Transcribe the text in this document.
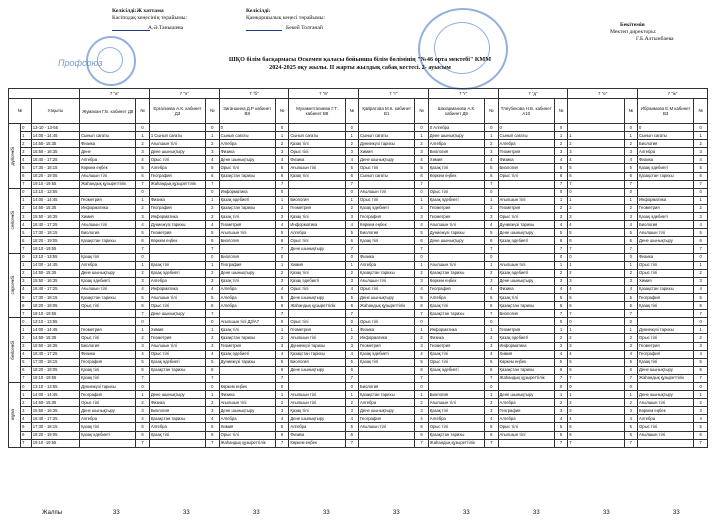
Келісілді:Ж хаттама
Кәсіподақ кеңесінің төрайымы:
А.Ә.Танышева
Профсоюз
Келісілді:
Қамқоршылық кеңесі төрайымы:
Бекей Толғанай	Бекітемін
Мектеп директоры:
Г.Б.Алтынбаева
ШҚО білім басқармасы Өскемен қаласы бойынша білім бөлімінің "№46 орта мектебі" КММ
2024-2025 оқу жылы. ІІ жарты жылдық сабақ кестесі. 2- ауысым
			7 "а"		7 "ә"		7 "б"		7 "в"		7 "г"		7 "ғ"		7 "д"		7 "е"		7 "ж"	
№		Уақыты	Жұмахан Г.Б. кабинет Д8	№	Ерғалиева А.К. кабинет Д3	№	Зиганшина Д.Р кабинет В8	№	Мухаметгалиева Г.Т. кабинет В8	№	Қайратова М.К. кабинет В1	№	Шахарманова А.К. кабинет Д9	№	Тлеубекова Н.Б. кабинет А10	№		№	Ибраимова Е.М кабинет В3	№

дүйсенбі	0	13-10 - 13-55		0		0	0	0		0		0	0 Алгебра	0	0	0		0	0	0
	1	14:00 - 14:45	Сынып сағаты	1	1 Сынып сағаты	1	Сынып сағаты	1	Сынып сағаты	1	Сынып сағаты	1	Дене шынықтыру	1	Сынып сағаты	1	1	1	Сынып сағаты	1
	2	14:50- 15:35	Физика	2	Ағылшын тілі	2	Алгебра	2	Қазақ тілі	2	Дүниежүзі тарихы	2	Алгебра	2	Алгебра	2	2	2	Биология	2
	3	15:50 - 16:35	Дене	3	Дене шынықтыру	3	Физика	3	Орыс тілі	3	Химия	3	Биология	3	Геометрия	3	3	3	Алгебра	3
	4	16:40 - 17:25	Алгебра	4	Орыс тілі	4	Дене шынықтыру	4	Физика	4	Дене шынықтыру	4	Химия	4	Физика	4	4	4	Физика	4
	5	17:30 - 18:15	Көркем еңбек	5	Алгебра	5	Орыс тілі	5	Ағылшын тілі	5	Орыс тілі	5	Қазақ тілі	5	Биология	5	5	5	Қазақ әдебиеті	5
	6	18:20 - 19:05	Ағылшын тілі	6	География	6	Қазақстан тарихы	6	Қазақ тілі	6	Сынып сағаты	6	Көркем еңбек	6	Орыс тілі	6	6	6	Қазақстан тарихы	6
	7	19:10 -19:55	Жаһандық құзыреттілік	7	Жаһандық құзыреттілік	7		7		7		7		7		7	7	7		7

сейсенбі	0	13:10 - 13:55		0		0	Информатика	0		0	Ағылшын тілі	0	Орыс тілі	0		0	0	0		0
	1	14:00 - 14:45	Геометрия	1	Физика	1	Қазақ әдебиеті	1	Биология	1	Орыс тілі	1	Қазақ әдебиеті	1	Ағылшын тілі	1	1	1	Информатика	1
	2	14:50- 15:35	Информатика	2	География	2	Қазақстан тарихы	2	Геометрия	2	Қазақ әдебиеті	2	Геометрия	2	Геометрия	2	2	2	Геометрия	2
	3	15:50 - 16:35	Химия	3	Информатика	3	Қазақ тілі	3	Қазақ тілі	3	География	3	Геометрия	3	Орыс тілі	3	3	3	Қазақ әдебиеті	3
	4	16:40 - 17:25	Ағылшын тілі	4	Дүниежүзі тарихы	4	Геометрия	4	Информатика	4	Көркем еңбек	4	Ағылшын тілі	4	Дүниежүзі тарихы	4	4	4	Биология	4
	5	17:30 - 18:15	Биология	5	Геометрия	5	Ағылшын тілі	5	Алгебра	5	Биология	5	Дүниежүзі тарихы	5	Дене шынықтыру	5	5	5	Ағылшын тілі	5
	6	18:20 - 19:05	Қазақстан тарихы	6	Көркем еңбек	6	Биология	6	Орыс тілі	6	Қазақ тілі	6	Дене шынықтыру	6	Қазақ әдебиеті	6	6	6	Дене шынықтыру	6
	7	19:10 -19:55		7		7		7	Дене шынықтыру	7		7		7		7	7	7		7

сәрсенбі	0	13:10 - 13:55	Қазақ тілі	0		0	Биология	0		0	Физика	0		0		0	0	0	Физика	0
	1	14:00 - 14:45	Алгебра	1	Қазақ тілі	1	География	1	Химия	1	Алгебра	1	Ағылшын тілі	1	Ағылшын тілі	1	1	1	Орыс тілі	1
	2	14:50- 15:35	Дене шынықтыру	2	Қазақ әдебиеті	2	Дене шынықтыру	2	Қазақ тілі	2	Қазақстан тарихы	2	Қазақстан тарихы	2	Қазақ әдебиеті	2	2	2	Орыс тілі	2
	3	15:50 - 16:35	Қазақ әдебиеті	3	Алгебра	3	Қазақ тілі	3	Қазақ әдебиеті	3	Ағылшын тілі	3	Көркем еңбек	3	Дене шынықтыру	3	3	3	Химия	3
	4	16:40 - 17:25	Ағылшын тілі	4	Информатика	4	Алгебра	4	Орыс тілі	4	Орыс тілі	4	География	4	Физика	4	4	4	Қазақстан тарихы	4
	5	17:30 - 18:15	Қазақстан тарихы	5	Ағылшын тілі	5	Алгебра	5	Дене шынықтыру	5	Дене шынықтыру	5	Алгебра	5	Қазақ тілі	5	5	5	География	5
	6	18:20 - 19:05	Орыс тілі	6	Орыс тілі	6	Алгебра	6	Жаһандық құзыреттілік	6	Жаһандық құзыреттілік	6	Қазақ тілі	6	Қазақстан тарихы	6	6	6	Қазақ тілі	6
	7	19:10 -19:55		7	Дене шынықтыру	7		7		7		7	Қазақстан тарихы	7	Биология	7	7	7		7

бейсенбі	0	13:10 - 13:55		0		0	Ағылшын тілі Д3/А7	0	Орыс тілі	0	Орыс тілі	0		0		0	0	0		0
	1	14:00 - 14:45	Геометрия	1	Химия	1	Қазақ тілі	1	Геометрия	1	Физика	1	Информатика	1	Геометрия	1	1	1	Дүниежүзі тарихы	1
	2	14:50- 15:35	Орыс тілі	2	Геометрия	2	Қазақстан тарихы	2	Ағылшын тілі	2	Информатика	2	Физика	2	Қазақ әдебиеті	2	2	2	Орыс тілі	2
	3	15:50 - 16:35	Биология	3	Ағылшын тілі	3	Геометрия	3	Дүниежүзі тарихы	3	Геометрия	3	Геометрия	3	Информатика	3	3	3	Геометрия	3
	4	16:40 - 17:25	Физика	4	Орыс тілі	4	Қазақ әдебиеті	4	Қазақстан тарихы	4	Қазақ әдебиеті	4	Қазақ тілі	4	Химия	4	4	4	География	4
	5	17:30 - 18:15	География	5	Қазақ әдебиеті	5	Дүниежүзі тарихы	5	Биология	5	Қазақ тілі	5	Орыс тілі	5	Көркем еңбек	5	5	5	Қазақ тілі	5
	6	18:20 - 19:05	Қазақ тілі	6	Қазақстан тарихы	6		6	Дене шынықтыру	6		6	Қазақ әдебиеті	6	Қазақстан тарихы	6	6	6	Дене шынықтыру	6
	7	19:10 -19:55	Қазақ тілі	7		7		7		7		7		7	Жаһандық құзыреттілік	7	7	7	Жаһандық құзыреттілік	7

жұма	0	13:10 - 13:55	Дүниежүзі тарихы	0		0	Көркем еңбек	0		0	Биология	0		0		0	0	0		0
	1	14:00 - 14:45	География	1	Дене шынықтыру	1	Физика	1	Ағылшын тілі	1	Қазақстан тарихы	1	Биология	1	Дене шынықтыру	1	1	1	Дене шынықтыру	1
	2	14:50- 15:35	Орыс тілі	2	Физика	2	Ағылшын тілі	2	Ағылшын тілі	2	Алгебра	2	Ағылшын тілі	2	Алгебра	2	2	2	Ағылшын тілі	2
	3	15:50 - 16:35	Дене шынықтыру	3	Биология	3	Дене шынықтыру	3	Қазақ тілі	3	Дене шынықтыру	3	Қазақ тілі	3	География	3	3	3	Көркем еңбек	3
	4	16:40 - 17:25	Алгебра	4	Қазақстан тарихы	4	Алгебра	4	Дене шынықтыру	4	География	4	Алгебра	4	Алгебра	4	4	4	Алгебра	4
	5	17:30 - 18:15	Қазақ тілі	5	Алгебра	5	Химия	5	Алгебра	5	Ағылшын тілі	5	Орыс тілі	5	Орыс тілі	5	5	5	Орыс тілі	5
	6	18:20 - 19:05	Қазақ әдебиеті	6	Қазақ тілі	6	Орыс тілі	6	Физика	6		6	Қазақстан тарихы	6	Ағылшын тілі	6	6	6	Ағылшын тілі	6
	7	19:10 -19:55		7		7	Жаһандық құзыреттілік	7	Көркем еңбек	7		7	Жаһандық құзыреттілік	7		7	7	7		7
Жалпы	33	33	33	33	33	33	33	33	33
